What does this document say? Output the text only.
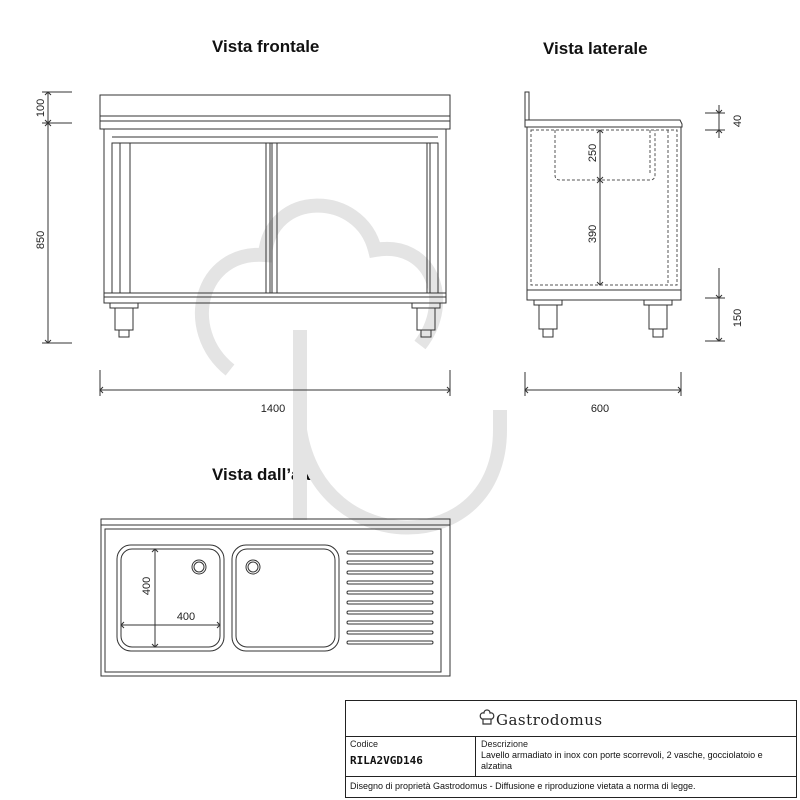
Vista frontale	Vista laterale
Vista dall’alto
100
850
1400
40
250
390
150
600
400
400
Gastrodomus
Codice
RILA2VGD146
Descrizione
Lavello armadiato in inox con porte scorrevoli, 2 vasche, gocciolatoio e alzatina
Disegno di proprietà Gastrodomus - Diffusione e riproduzione vietata a norma di legge.
